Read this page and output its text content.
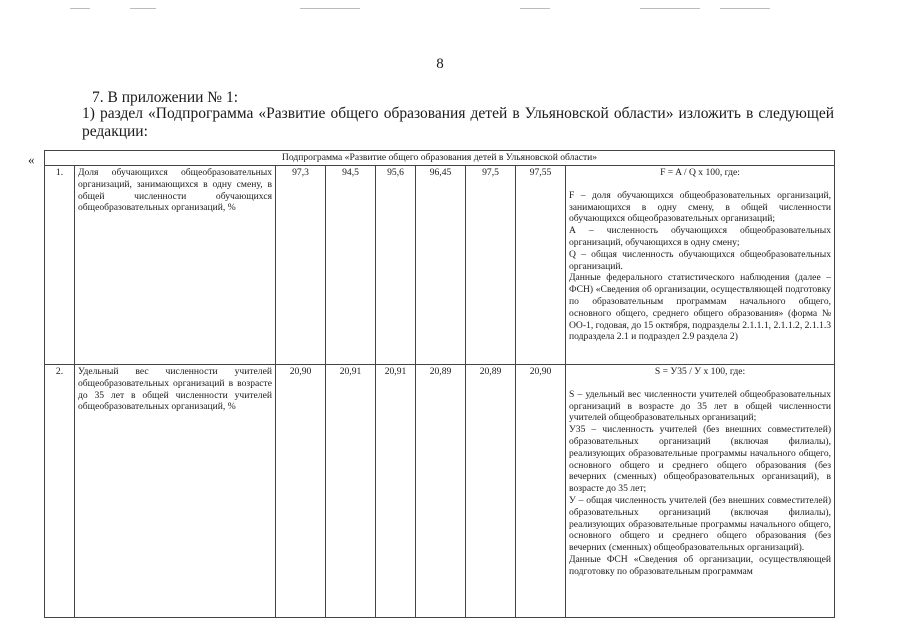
8
7. В приложении № 1:
1) раздел «Подпрограмма «Развитие общего образования детей в Ульяновской области» изложить в следующей
редакции:
«	Подпрограмма «Развитие общего образования детей в Ульяновской области»								
1.	Доля обучающихся общеобразовательных организаций, занимающихся в одну смену, в общей численности обучающихся общеобразовательных организаций, %	97,3	94,5	95,6	96,45	97,5	97,55	F = A / Q х 100, где:

F – доля обучающихся общеобразовательных организаций, занимающихся в одну смену, в общей численности обучающихся общеобразовательных организаций;

А – численность обучающихся общеобразовательных организаций, обучающихся в одну смену;

Q – общая численность обучающихся общеобразовательных организаций.

Данные федерального статистического наблюдения (далее – ФСН) «Сведения об организации, осуществляющей подготовку по образовательным программам начального общего, основного общего, среднего общего образования» (форма № ОО-1, годовая, до 15 октября, подразделы 2.1.1.1, 2.1.1.2, 2.1.1.3 подраздела 2.1 и подраздел 2.9 раздела 2)

2.	Удельный вес численности учителей общеобразовательных организаций в возрасте до 35 лет в общей численности учителей общеобразовательных организаций, %	20,90	20,91	20,91	20,89	20,89	20,90	S = У35 / У х 100, где:

S – удельный вес численности учителей общеобразовательных организаций в возрасте до 35 лет в общей численности учителей общеобразовательных организаций;

У35 – численность учителей (без внешних совместителей) образовательных организаций (включая филиалы), реализующих образовательные программы начального общего, основного общего и среднего общего образования (без вечерних (сменных) общеобразовательных организаций), в возрасте до 35 лет;

У – общая численность учителей (без внешних совместителей) образовательных организаций (включая филиалы), реализующих образовательные программы начального общего, основного общего и среднего общего образования (без вечерних (сменных) общеобразовательных организаций).

Данные ФСН «Сведения об организации, осуществляющей подготовку по образовательным программам
